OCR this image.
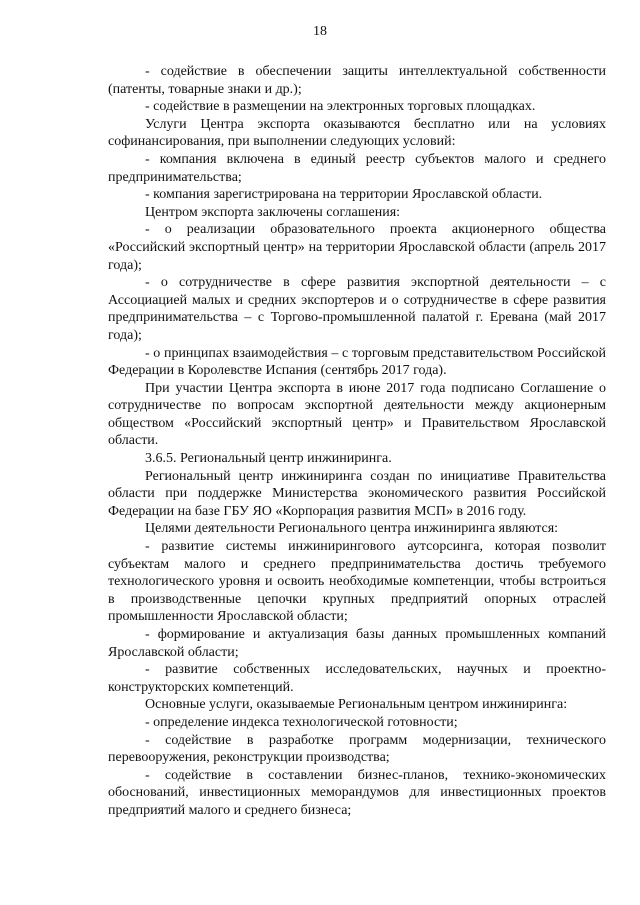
18

- содействие в обеспечении защиты интеллектуальной собственности (патенты, товарные знаки и др.);

- содействие в размещении на электронных торговых площадках.

Услуги Центра экспорта оказываются бесплатно или на условиях софинансирования, при выполнении следующих условий:

- компания включена в единый реестр субъектов малого и среднего предпринимательства;

- компания зарегистрирована на территории Ярославской области.

Центром экспорта заключены соглашения:

- о реализации образовательного проекта акционерного общества «Российский экспортный центр» на территории Ярославской области (апрель 2017 года);

- о сотрудничестве в сфере развития экспортной деятельности – с Ассоциацией малых и средних экспортеров и о сотрудничестве в сфере развития предпринимательства – с Торгово-промышленной палатой г. Еревана (май 2017 года);

- о принципах взаимодействия – с торговым представительством Российской Федерации в Королевстве Испания (сентябрь 2017 года).

При участии Центра экспорта в июне 2017 года подписано Соглашение о сотрудничестве по вопросам экспортной деятельности между акционерным обществом «Российский экспортный центр» и Правительством Ярославской области.

3.6.5. Региональный центр инжиниринга.

Региональный центр инжиниринга создан по инициативе Правительства области при поддержке Министерства экономического развития Российской Федерации на базе ГБУ ЯО «Корпорация развития МСП» в 2016 году.

Целями деятельности Регионального центра инжиниринга являются:

- развитие системы инжинирингового аутсорсинга, которая позволит субъектам малого и среднего предпринимательства достичь требуемого технологического уровня и освоить необходимые компетенции, чтобы встроиться в производственные цепочки крупных предприятий опорных отраслей промышленности Ярославской области;

- формирование и актуализация базы данных промышленных компаний Ярославской области;

- развитие собственных исследовательских, научных и проектно-конструкторских компетенций.

Основные услуги, оказываемые Региональным центром инжиниринга:

- определение индекса технологической готовности;

- содействие в разработке программ модернизации, технического перевооружения, реконструкции производства;

- содействие в составлении бизнес-планов, технико-экономических обоснований, инвестиционных меморандумов для инвестиционных проектов предприятий малого и среднего бизнеса;
